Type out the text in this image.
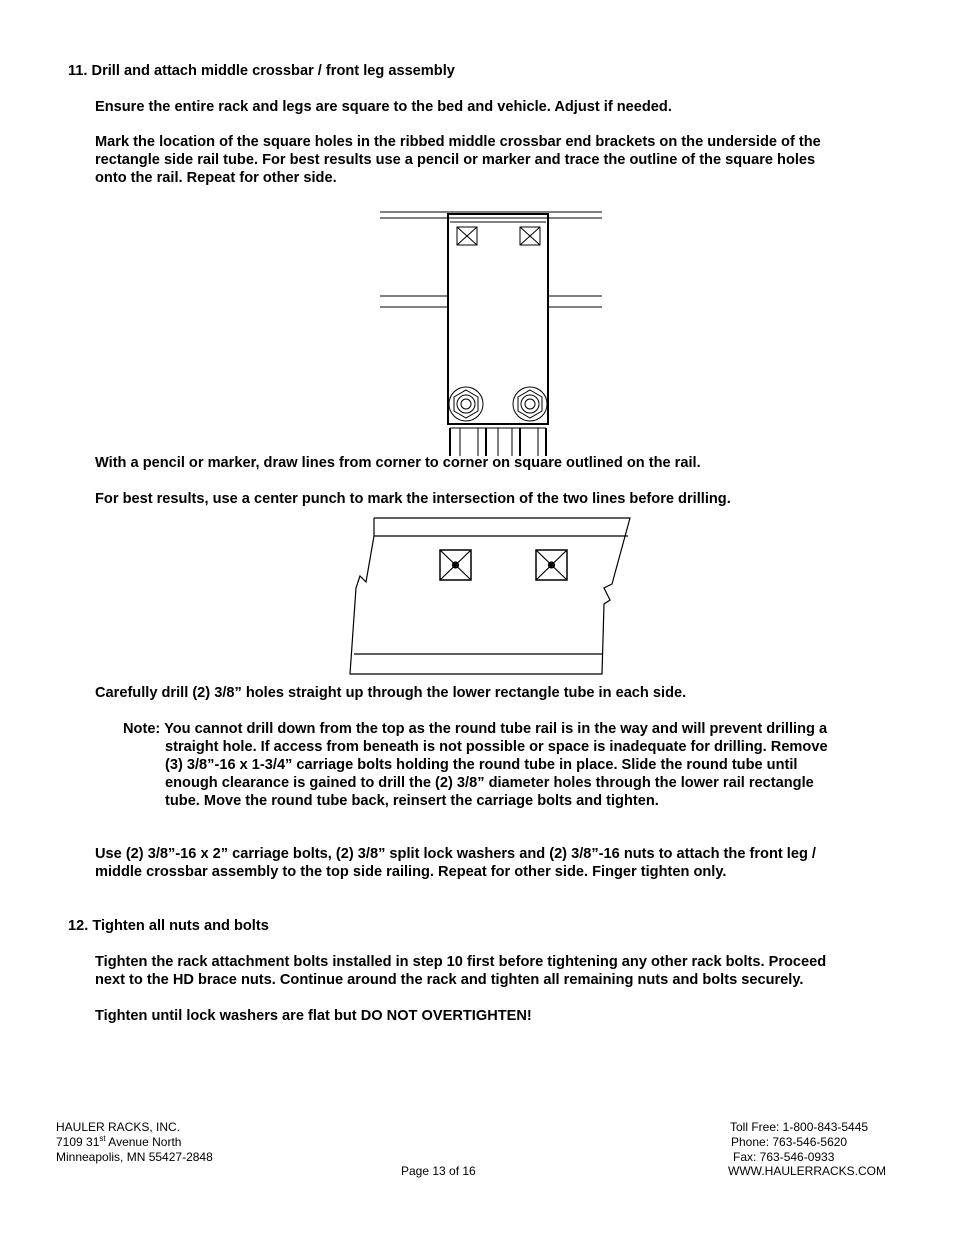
11. Drill and attach middle crossbar / front leg assembly
Ensure the entire rack and legs are square to the bed and vehicle. Adjust if needed.
Mark the location of the square holes in the ribbed middle crossbar end brackets on the underside of the
rectangle side rail tube. For best results use a pencil or marker and trace the outline of the square holes
onto the rail. Repeat for other side.
With a pencil or marker, draw lines from corner to corner on square outlined on the rail.
For best results, use a center punch to mark the intersection of the two lines before drilling.
Carefully drill (2) 3/8” holes straight up through the lower rectangle tube in each side.
Note: You cannot drill down from the top as the round tube rail is in the way and will prevent drilling a
straight hole. If access from beneath is not possible or space is inadequate for drilling. Remove
(3) 3/8”-16 x 1-3/4” carriage bolts holding the round tube in place. Slide the round tube until
enough clearance is gained to drill the (2) 3/8” diameter holes through the lower rail rectangle
tube. Move the round tube back, reinsert the carriage bolts and tighten.
Use (2) 3/8”-16 x 2” carriage bolts, (2) 3/8” split lock washers and (2) 3/8”-16 nuts to attach the front leg /
middle crossbar assembly to the top side railing. Repeat for other side. Finger tighten only.
12. Tighten all nuts and bolts
Tighten the rack attachment bolts installed in step 10 first before tightening any other rack bolts. Proceed
next to the HD brace nuts. Continue around the rack and tighten all remaining nuts and bolts securely.
Tighten until lock washers are flat but DO NOT OVERTIGHTEN!
HAULER RACKS, INC.
7109 31st Avenue North
Minneapolis, MN 55427-2848
Page 13 of 16
Toll Free: 1-800-843-5445
Phone: 763-546-5620
Fax: 763-546-0933
WWW.HAULERRACKS.COM
